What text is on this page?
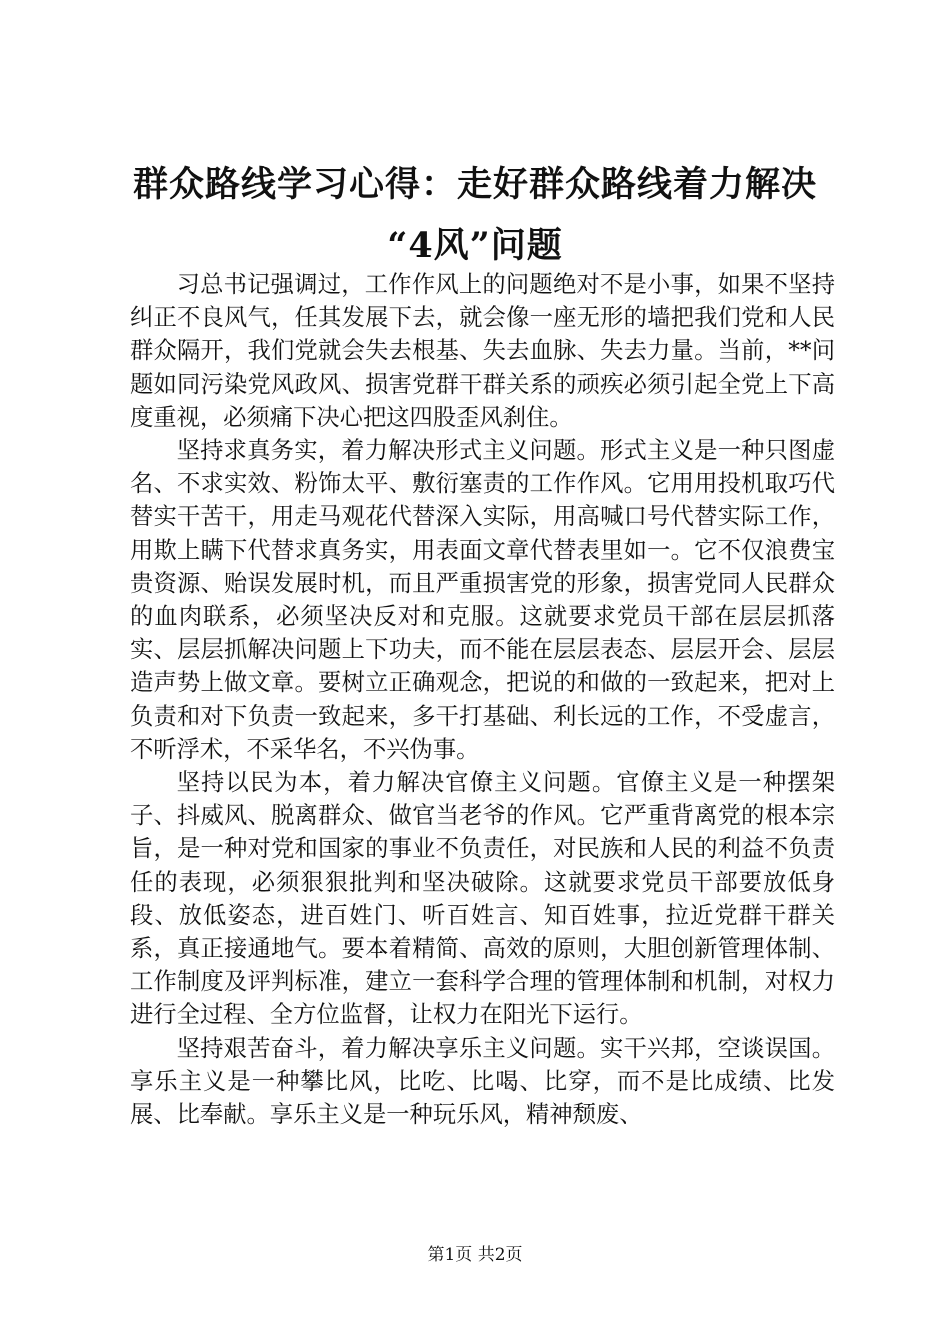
群众路线学习心得：走好群众路线着力解决
“4风”问题

习总书记强调过，工作作风上的问题绝对不是小事，如果不坚持纠正不良风气，任其发展下去，就会像一座无形的墙把我们党和人民群众隔开，我们党就会失去根基、失去血脉、失去力量。当前，**问题如同污染党风政风、损害党群干群关系的顽疾必须引起全党上下高度重视，必须痛下决心把这四股歪风刹住。

坚持求真务实，着力解决形式主义问题。形式主义是一种只图虚名、不求实效、粉饰太平、敷衍塞责的工作作风。它用用投机取巧代替实干苦干，用走马观花代替深入实际，用高喊口号代替实际工作，用欺上瞒下代替求真务实，用表面文章代替表里如一。它不仅浪费宝贵资源、贻误发展时机，而且严重损害党的形象，损害党同人民群众的血肉联系，必须坚决反对和克服。这就要求党员干部在层层抓落实、层层抓解决问题上下功夫，而不能在层层表态、层层开会、层层造声势上做文章。要树立正确观念，把说的和做的一致起来，把对上负责和对下负责一致起来，多干打基础、利长远的工作，不受虚言，不听浮术，不采华名，不兴伪事。

坚持以民为本，着力解决官僚主义问题。官僚主义是一种摆架子、抖威风、脱离群众、做官当老爷的作风。它严重背离党的根本宗旨，是一种对党和国家的事业不负责任，对民族和人民的利益不负责任的表现，必须狠狠批判和坚决破除。这就要求党员干部要放低身段、放低姿态，进百姓门、听百姓言、知百姓事，拉近党群干群关系，真正接通地气。要本着精简、高效的原则，大胆创新管理体制、工作制度及评判标准，建立一套科学合理的管理体制和机制，对权力进行全过程、全方位监督，让权力在阳光下运行。

坚持艰苦奋斗，着力解决享乐主义问题。实干兴邦，空谈误国。享乐主义是一种攀比风，比吃、比喝、比穿，而不是比成绩、比发展、比奉献。享乐主义是一种玩乐风，精神颓废、

第1页 共2页
